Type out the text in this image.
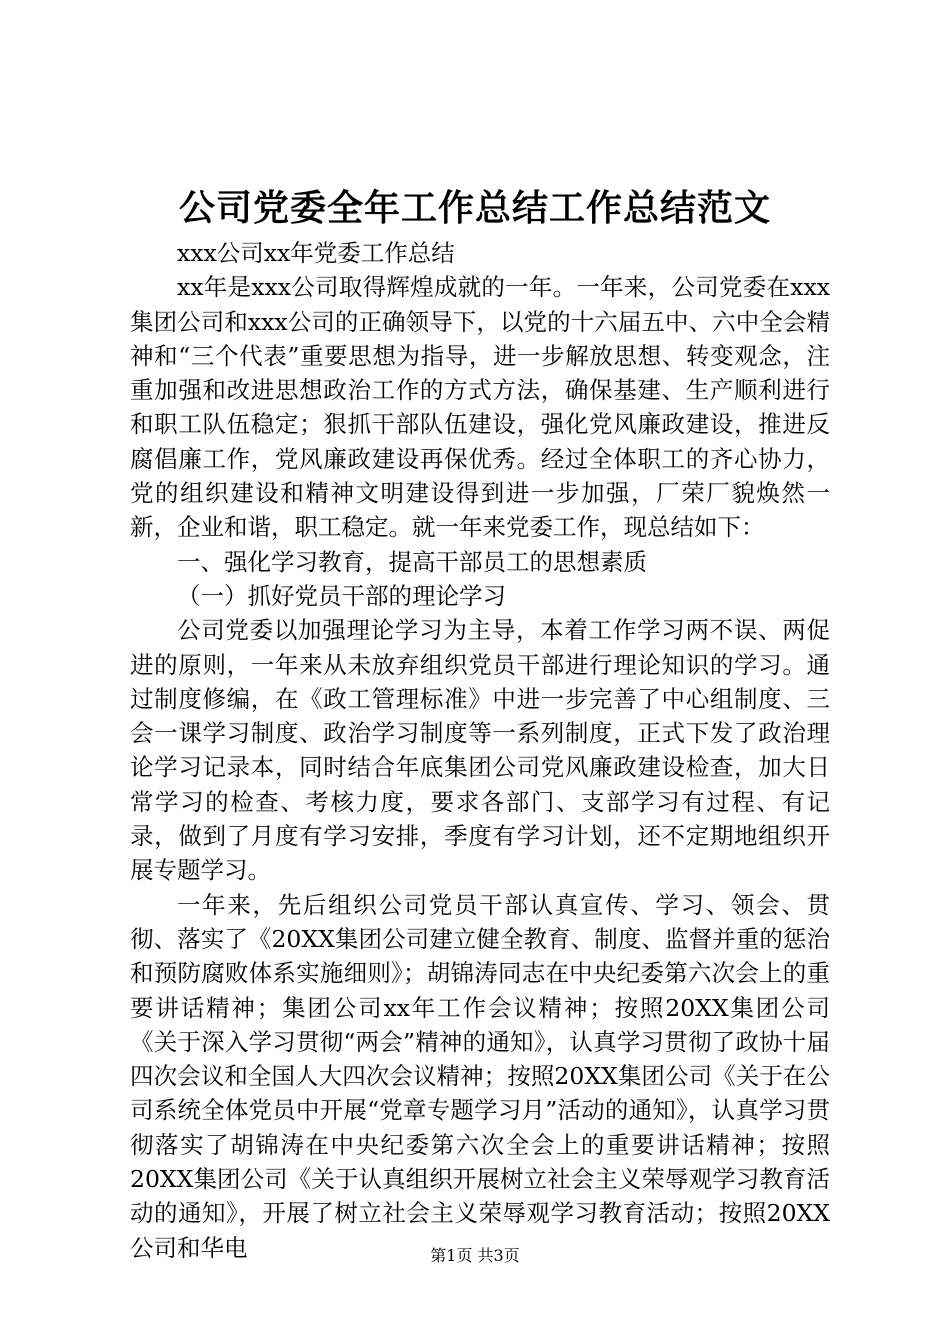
公司党委全年工作总结工作总结范文

xxx公司xx年党委工作总结

xx年是xxx公司取得辉煌成就的一年。一年来，公司党委在xxx集团公司和xxx公司的正确领导下，以党的十六届五中、六中全会精神和“三个代表”重要思想为指导，进一步解放思想、转变观念，注重加强和改进思想政治工作的方式方法，确保基建、生产顺利进行和职工队伍稳定；狠抓干部队伍建设，强化党风廉政建设，推进反腐倡廉工作，党风廉政建设再保优秀。经过全体职工的齐心协力，党的组织建设和精神文明建设得到进一步加强，厂荣厂貌焕然一新，企业和谐，职工稳定。就一年来党委工作，现总结如下：

一、强化学习教育，提高干部员工的思想素质

（一）抓好党员干部的理论学习

公司党委以加强理论学习为主导，本着工作学习两不误、两促进的原则，一年来从未放弃组织党员干部进行理论知识的学习。通过制度修编，在《政工管理标准》中进一步完善了中心组制度、三会一课学习制度、政治学习制度等一系列制度，正式下发了政治理论学习记录本，同时结合年底集团公司党风廉政建设检查，加大日常学习的检查、考核力度，要求各部门、支部学习有过程、有记录，做到了月度有学习安排，季度有学习计划，还不定期地组织开展专题学习。

一年来，先后组织公司党员干部认真宣传、学习、领会、贯彻、落实了《20XX集团公司建立健全教育、制度、监督并重的惩治和预防腐败体系实施细则》；胡锦涛同志在中央纪委第六次会上的重要讲话精神；集团公司xx年工作会议精神；按照20XX集团公司《关于深入学习贯彻“两会”精神的通知》，认真学习贯彻了政协十届四次会议和全国人大四次会议精神；按照20XX集团公司《关于在公司系统全体党员中开展“党章专题学习月”活动的通知》，认真学习贯彻落实了胡锦涛在中央纪委第六次全会上的重要讲话精神；按照20XX集团公司《关于认真组织开展树立社会主义荣辱观学习教育活动的通知》，开展了树立社会主义荣辱观学习教育活动；按照20XX公司和华电	第1页 共3页
